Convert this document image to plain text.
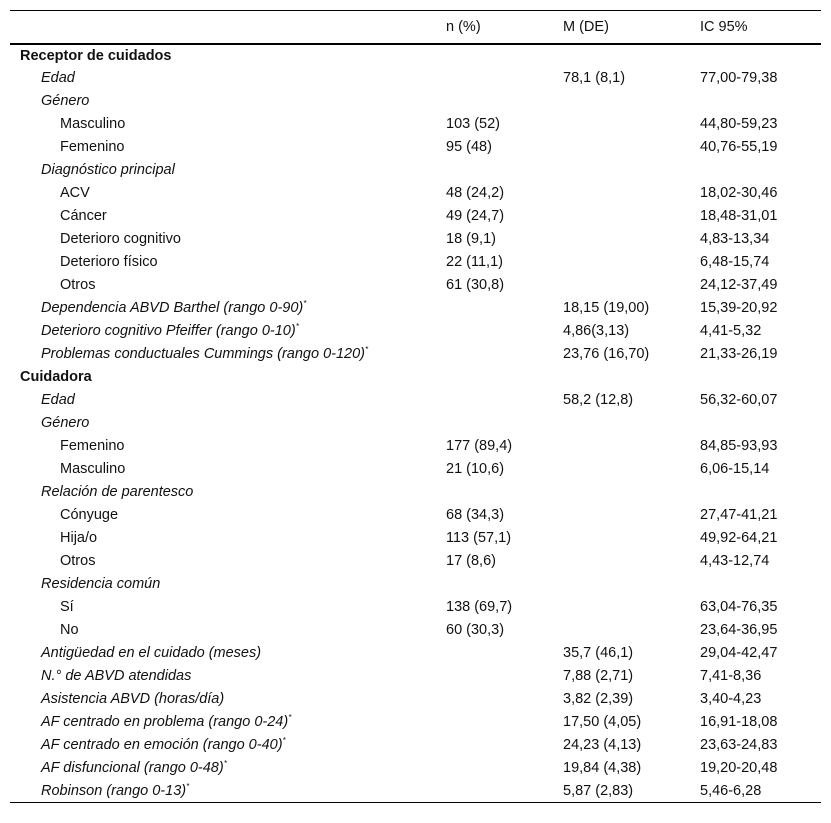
	n (%)	M (DE)	IC 95%
Receptor de cuidados			
Edad		78,1 (8,1)	77,00-79,38
Género			
Masculino	103 (52)		44,80-59,23
Femenino	95 (48)		40,76-55,19
Diagnóstico principal			
ACV	48 (24,2)		18,02-30,46
Cáncer	49 (24,7)		18,48-31,01
Deterioro cognitivo	18 (9,1)		4,83-13,34
Deterioro físico	22 (11,1)		6,48-15,74
Otros	61 (30,8)		24,12-37,49
Dependencia ABVD Barthel (rango 0-90)*		18,15 (19,00)	15,39-20,92
Deterioro cognitivo Pfeiffer (rango 0-10)*		4,86(3,13)	4,41-5,32
Problemas conductuales Cummings (rango 0-120)*		23,76 (16,70)	21,33-26,19
Cuidadora			
Edad		58,2 (12,8)	56,32-60,07
Género			
Femenino	177 (89,4)		84,85-93,93
Masculino	21 (10,6)		6,06-15,14
Relación de parentesco			
Cónyuge	68 (34,3)		27,47-41,21
Hija/o	113 (57,1)		49,92-64,21
Otros	17 (8,6)		4,43-12,74
Residencia común			
Sí	138 (69,7)		63,04-76,35
No	60 (30,3)		23,64-36,95
Antigüedad en el cuidado (meses)		35,7 (46,1)	29,04-42,47
N.° de ABVD atendidas		7,88 (2,71)	7,41-8,36
Asistencia ABVD (horas/día)		3,82 (2,39)	3,40-4,23
AF centrado en problema (rango 0-24)*		17,50 (4,05)	16,91-18,08
AF centrado en emoción (rango 0-40)*		24,23 (4,13)	23,63-24,83
AF disfuncional (rango 0-48)*		19,84 (4,38)	19,20-20,48
Robinson (rango 0-13)*		5,87 (2,83)	5,46-6,28
